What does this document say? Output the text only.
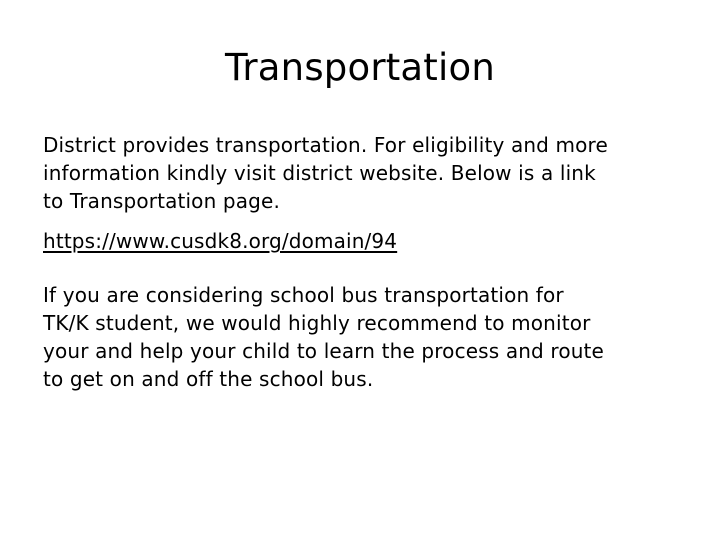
Transportation

District provides transportation. For eligibility and more
information kindly visit district website. Below is a link
to Transportation page.

https://www.cusdk8.org/domain/94

If you are considering school bus transportation for
TK/K student, we would highly recommend to monitor
your and help your child to learn the process and route
to get on and off the school bus.
